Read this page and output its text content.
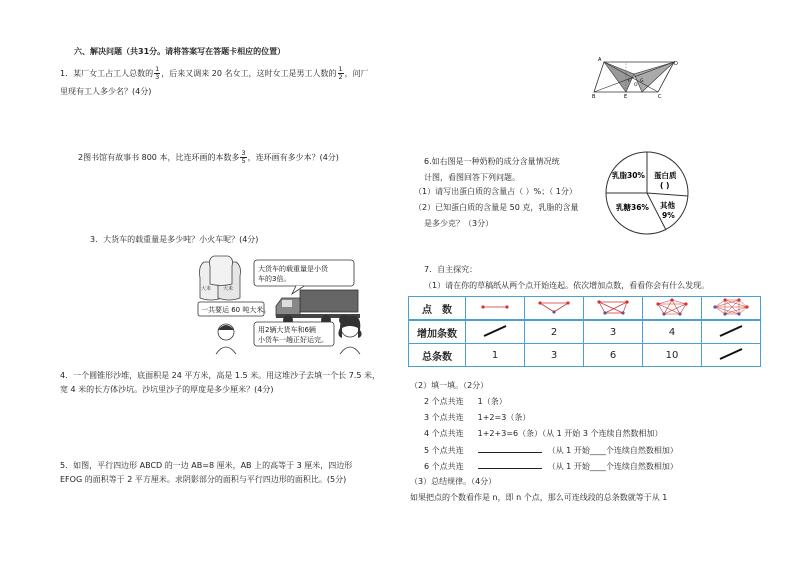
六、解决问题（共31分。请将答案写在答题卡相应的位置）
1．某厂女工占工人总数的 $\frac{1}{3}$ ，后来又调来 20 名女工，这时女工是男工人数的 $\frac{1}{2}$ ，问厂
里现有工人多少名？(4分)
2图书馆有故事书 800 本，比连环画的本数多 $\frac{3}{5}$ ，连环画有多少本？(4分)
3．大货车的载重量是多少吨？小火车呢？(4分)
大米 大米
大货车的载重量是小货
车的3倍。
一共要运 60 吨大米。
用2辆大货车和6辆
小货车一趟正好运完。
4．一个圆锥形沙堆，底面积是 24 平方米，高是 1.5 米。用这堆沙子去填一个长 7.5 米，
宽 4 米的长方体沙坑。沙坑里沙子的厚度是多少厘米？(4分)
5．如图，平行四边形 ABCD 的一边 AB=8 厘米，AB 上的高等于 3 厘米，四边形
EFOG 的面积等于 2 平方厘米。求阴影部分的面积与平行四边形的面积比。(5分)
A
D
B	E	C
F
O
G
6.如右图是一种奶粉的成分含量情况统
计图，看图回答下列问题。
（1）请写出蛋白质的含量占（ ）%；（ 1分）
（2）已知蛋白质的含量是 50 克，乳脂的含量
是多少克？（3分）
乳脂30% 蛋白质
( )
乳糖36% 其他
9%
7．自主探究：
（1）请在你的草稿纸从两个点开始连起。依次增加点数，看看你会有什么发现。
点　数					
增加条数		2	3	4	
总条数	1	3	6	10	
（2）填一填。（2分）
2 个点共连 1（条）
3 个点共连 1+2=3（条）
4 个点共连 1+2+3=6（条）（从 1 开始 3 个连续自然数相加）
5 个点共连	（从 1 开始____个连续自然数相加）
6 个点共连	（从 1 开始____个连续自然数相加）
（3）总结规律。（4分）
如果把点的个数看作是 n，即 n 个点，那么可连线段的总条数就等于从 1
